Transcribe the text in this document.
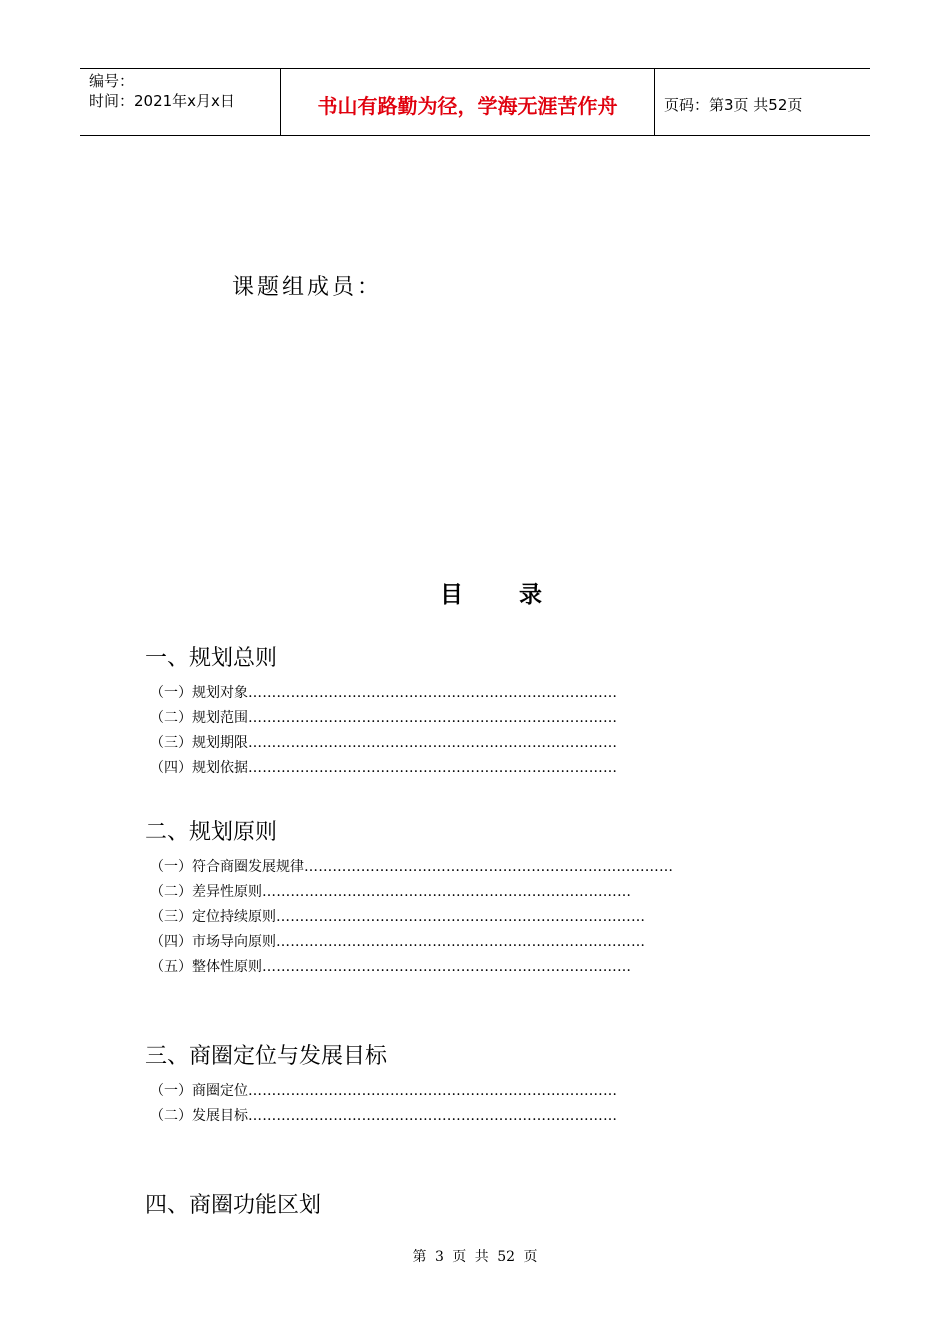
编号：
时间：2021年x月x日	书山有路勤为径，学海无涯苦作舟	页码：第3页 共52页
课题组成员：
目 录
一、规划总则
（一）规划对象……………………………………………………………………
（二）规划范围……………………………………………………………………
（三）规划期限……………………………………………………………………
（四）规划依据……………………………………………………………………
二、规划原则
（一）符合商圈发展规律……………………………………………………………………
（二）差异性原则……………………………………………………………………
（三）定位持续原则……………………………………………………………………
（四）市场导向原则……………………………………………………………………
（五）整体性原则……………………………………………………………………
三、商圈定位与发展目标
（一）商圈定位……………………………………………………………………
（二）发展目标……………………………………………………………………
四、商圈功能区划
第 3 页 共 52 页
